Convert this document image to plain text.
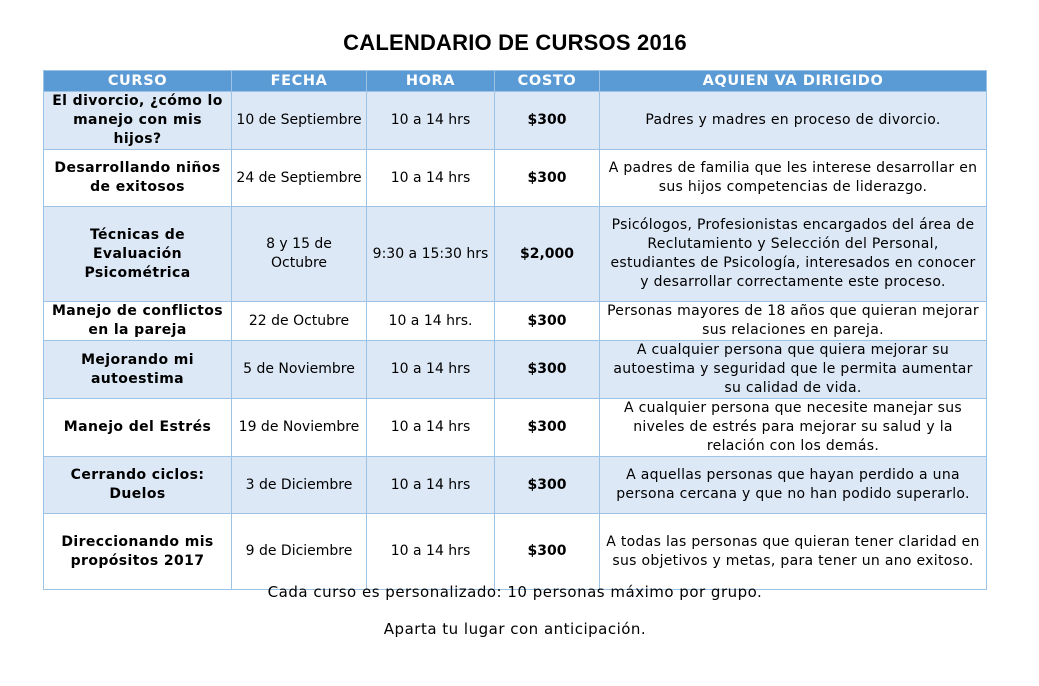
CALENDARIO DE CURSOS 2016
CURSO	FECHA	HORA	COSTO	AQUIEN VA DIRIGIDO
El divorcio, ¿cómo lo manejo con mis hijos?	10 de Septiembre	10 a 14 hrs	$300	Padres y madres en proceso de divorcio.
Desarrollando niños de exitosos	24 de Septiembre	10 a 14 hrs	$300	A padres de familia que les interese desarrollar en sus hijos competencias de liderazgo.
Técnicas de Evaluación Psicométrica	8 y 15 de Octubre	9:30 a 15:30 hrs	$2,000	Psicólogos, Profesionistas encargados del área de Reclutamiento y Selección del Personal, estudiantes de Psicología, interesados en conocer y desarrollar correctamente este proceso.
Manejo de conflictos en la pareja	22 de Octubre	10 a 14 hrs.	$300	Personas mayores de 18 años que quieran mejorar sus relaciones en pareja.
Mejorando mi autoestima	5 de Noviembre	10 a 14 hrs	$300	A cualquier persona que quiera mejorar su autoestima y seguridad que le permita aumentar su calidad de vida.
Manejo del Estrés	19 de Noviembre	10 a 14 hrs	$300	A cualquier persona que necesite manejar sus niveles de estrés para mejorar su salud y la relación con los demás.
Cerrando ciclos: Duelos	3 de Diciembre	10 a 14 hrs	$300	A aquellas personas que hayan perdido a una persona cercana y que no han podido superarlo.
Direccionando mis propósitos 2017	9 de Diciembre	10 a 14 hrs	$300	A todas las personas que quieran tener claridad en sus objetivos y metas, para tener un ano exitoso.
Cada curso es personalizado: 10 personas máximo por grupo.
Aparta tu lugar con anticipación.
